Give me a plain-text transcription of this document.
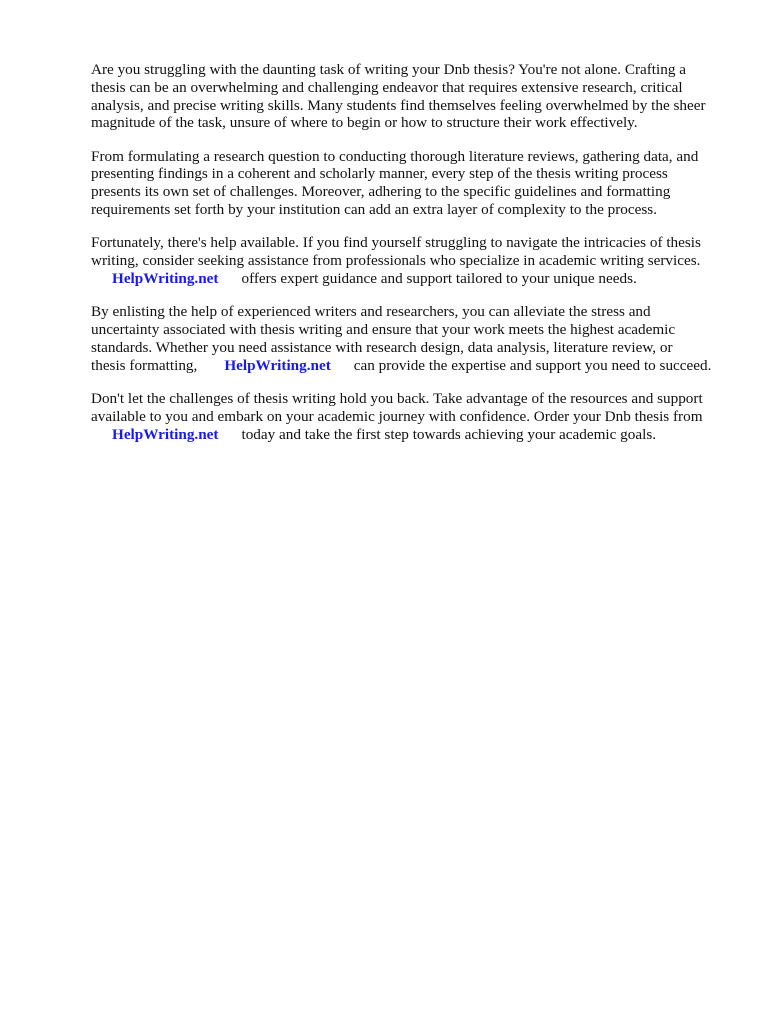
Are you struggling with the daunting task of writing your Dnb thesis? You're not alone. Crafting a
thesis can be an overwhelming and challenging endeavor that requires extensive research, critical
analysis, and precise writing skills. Many students find themselves feeling overwhelmed by the sheer
magnitude of the task, unsure of where to begin or how to structure their work effectively.

From formulating a research question to conducting thorough literature reviews, gathering data, and
presenting findings in a coherent and scholarly manner, every step of the thesis writing process
presents its own set of challenges. Moreover, adhering to the specific guidelines and formatting
requirements set forth by your institution can add an extra layer of complexity to the process.

Fortunately, there's help available. If you find yourself struggling to navigate the intricacies of thesis
writing, consider seeking assistance from professionals who specialize in academic writing services.
HelpWriting.net offers expert guidance and support tailored to your unique needs.

By enlisting the help of experienced writers and researchers, you can alleviate the stress and
uncertainty associated with thesis writing and ensure that your work meets the highest academic
standards. Whether you need assistance with research design, data analysis, literature review, or
thesis formatting, HelpWriting.net can provide the expertise and support you need to succeed.

Don't let the challenges of thesis writing hold you back. Take advantage of the resources and support
available to you and embark on your academic journey with confidence. Order your Dnb thesis from
HelpWriting.net today and take the first step towards achieving your academic goals.
